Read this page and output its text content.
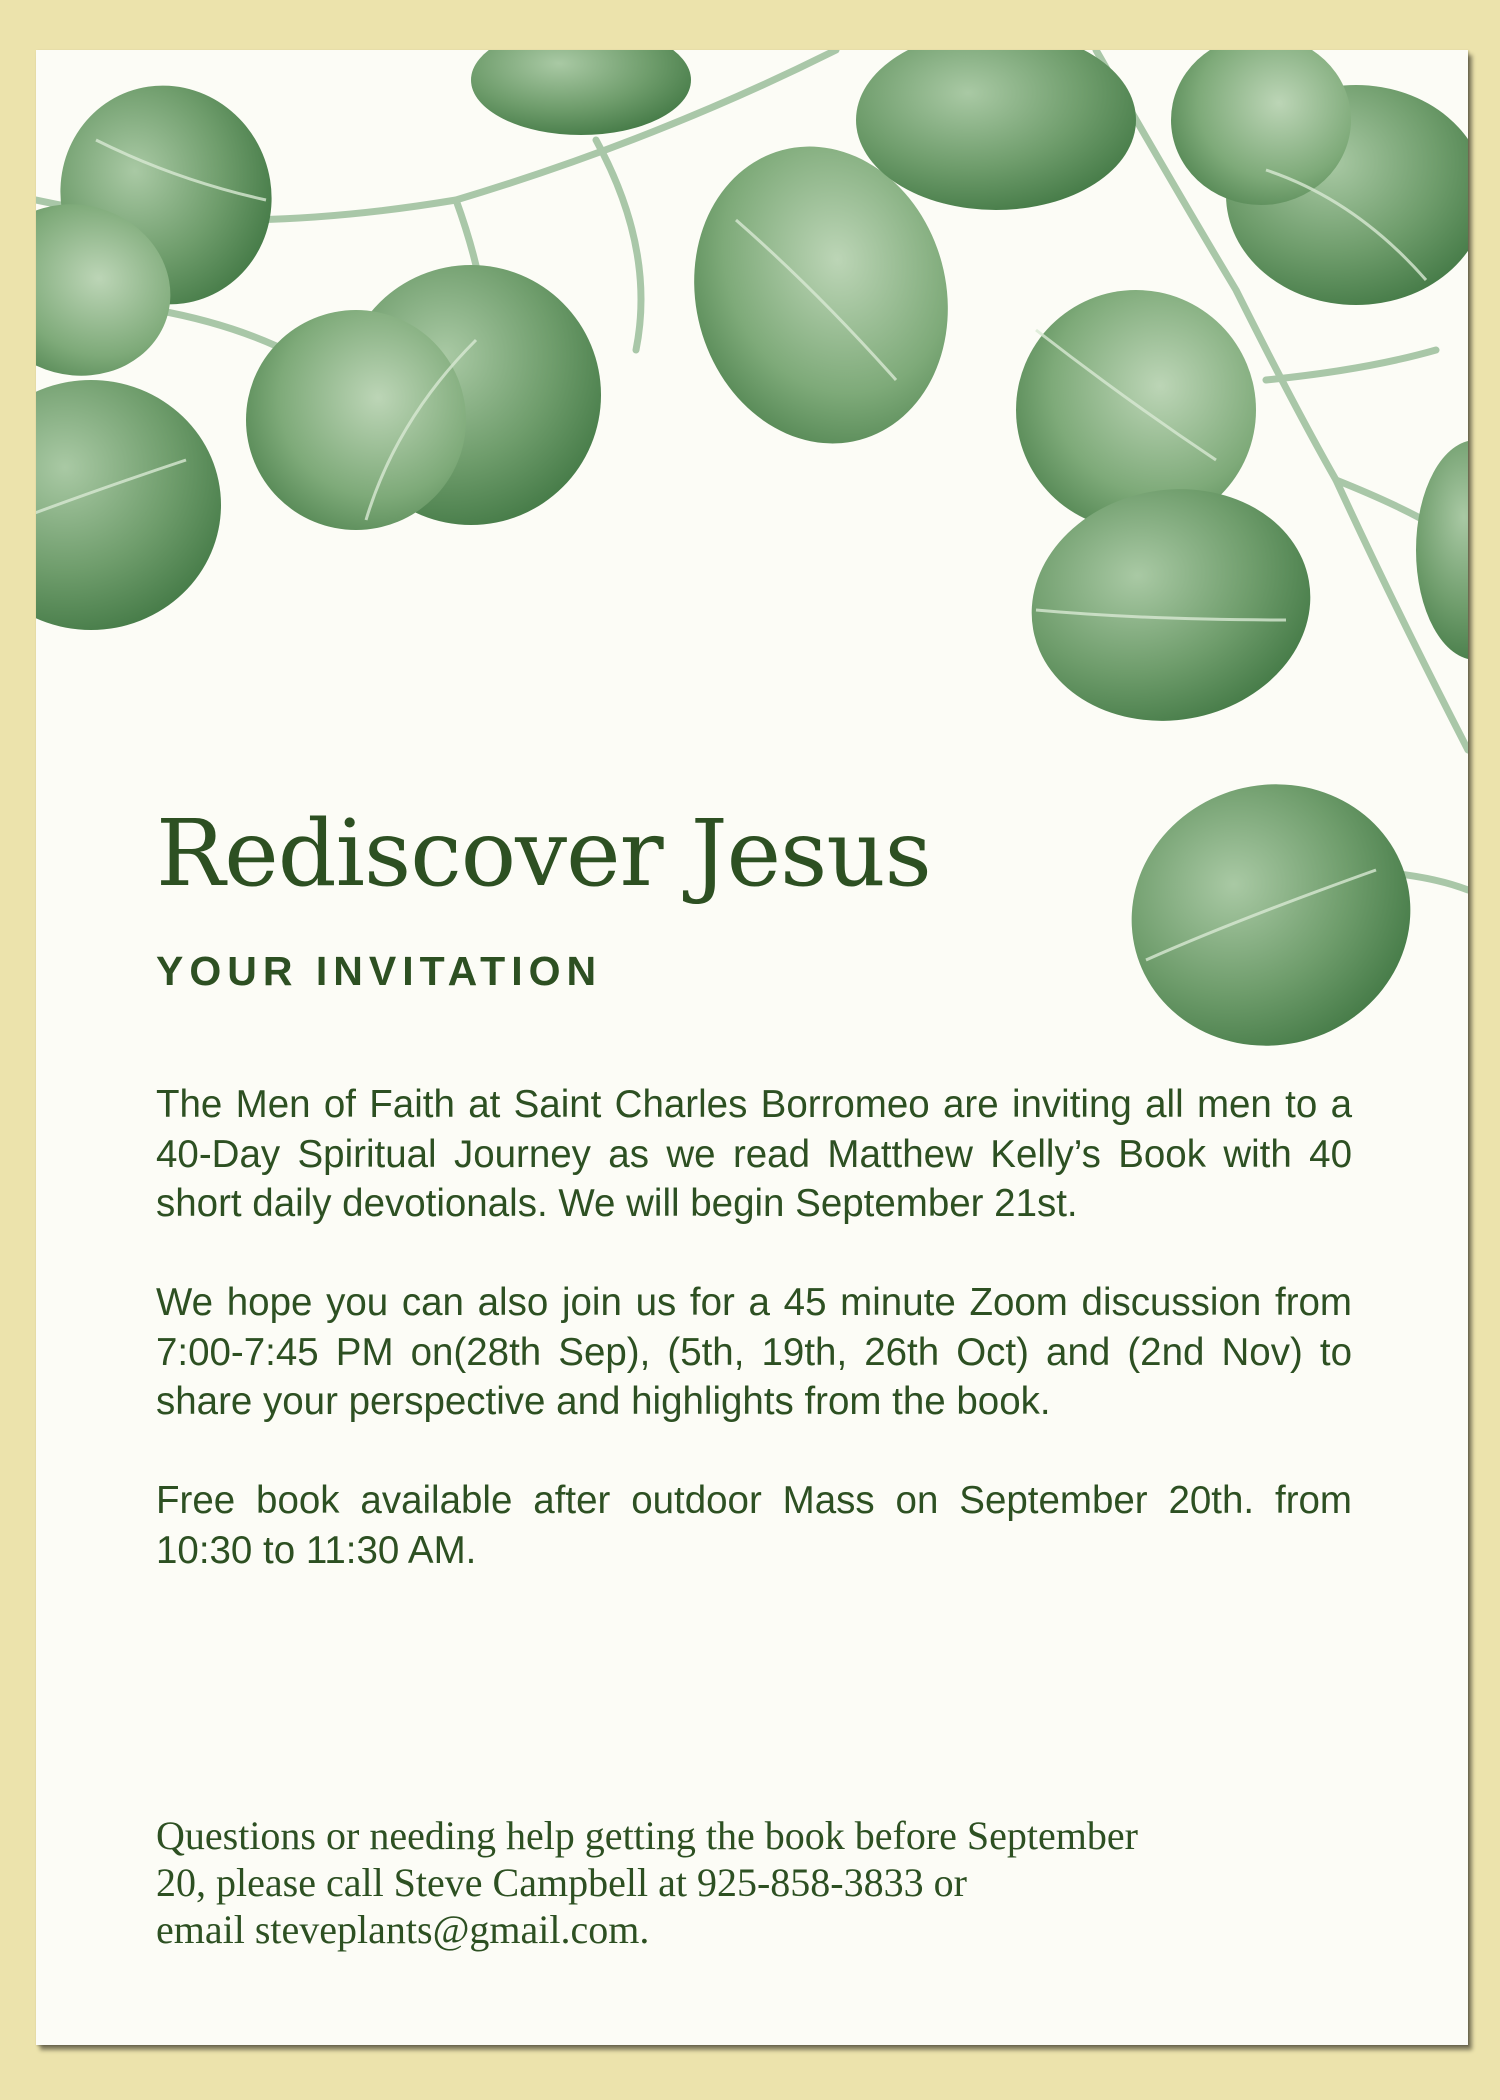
Rediscover Jesus
YOUR INVITATION

The Men of Faith at Saint Charles Borromeo are inviting all men to a 40-Day Spiritual Journey as we read Matthew Kelly’s Book with 40 short daily devotionals. We will begin September 21st.

We hope you can also join us for a 45 minute Zoom discussion from 7:00-7:45 PM on(28th Sep), (5th, 19th, 26th Oct) and (2nd Nov) to share your perspective and highlights from the book.

Free book available after outdoor Mass on September 20th. from 10:30 to 11:30 AM.

Questions or needing help getting the book before September
20, please call Steve Campbell at 925-858-3833 or
email steveplants@gmail.com.
